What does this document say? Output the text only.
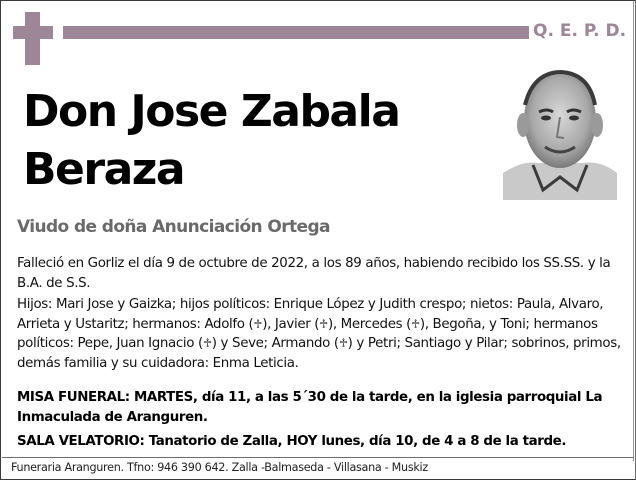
Q. E. P. D.
Don Jose Zabala
Beraza
Viudo de doña Anunciación Ortega
Falleció en Gorliz el día 9 de octubre de 2022, a los 89 años, habiendo recibido los SS.SS. y la B.A. de S.S.
Hijos: Mari Jose y Gaizka; hijos políticos: Enrique López y Judith crespo; nietos: Paula, Alvaro, Arrieta y Ustaritz; hermanos: Adolfo (♱), Javier (♱), Mercedes (♱), Begoña, y Toni; hermanos políticos: Pepe, Juan Ignacio (♱) y Seve; Armando (♱) y Petri; Santiago y Pilar; sobrinos, primos, demás familia y su cuidadora: Enma Leticia.
MISA FUNERAL: MARTES, día 11, a las 5´30 de la tarde, en la iglesia parroquial La Inmaculada de Aranguren.
SALA VELATORIO: Tanatorio de Zalla, HOY lunes, día 10, de 4 a 8 de la tarde.
Funeraria Aranguren. Tfno: 946 390 642. Zalla -Balmaseda - Villasana - Muskiz
